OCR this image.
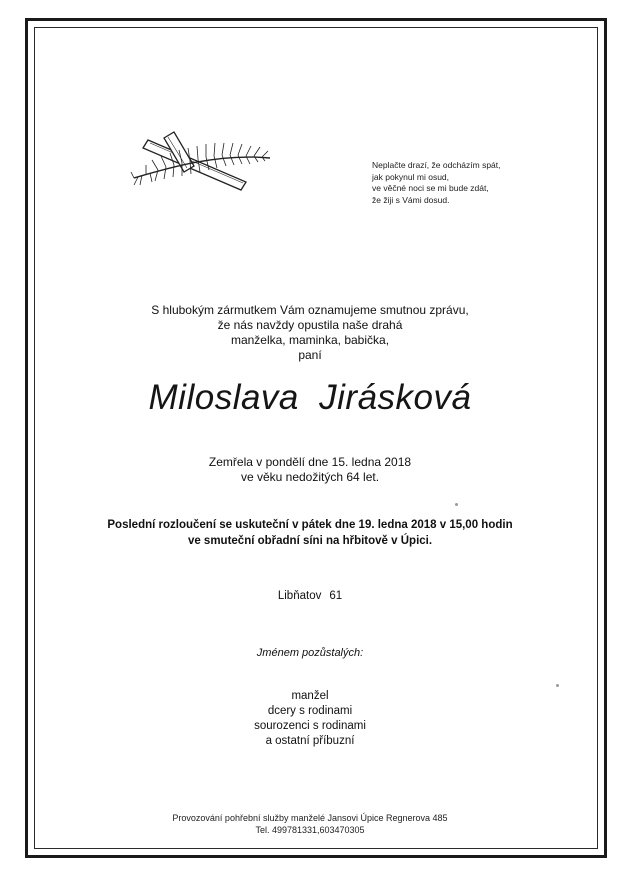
Neplačte drazí, že odcházím spát,
jak pokynul mi osud,
ve věčné noci se mi bude zdát,
že žiji s Vámi dosud.
S hlubokým zármutkem Vám oznamujeme smutnou zprávu,
že nás navždy opustila naše drahá
manželka, maminka, babička,
paní
Miloslava Jirásková
Zemřela v pondělí dne 15. ledna 2018
ve věku nedožitých 64 let.
Poslední rozloučení se uskuteční v pátek dne 19. ledna 2018 v 15,00 hodin
ve smuteční obřadní síni na hřbitově v Úpici.
Libňatov 61
Jménem pozůstalých:
manžel
dcery s rodinami
sourozenci s rodinami
a ostatní příbuzní
Provozování pohřební služby manželé Jansovi Úpice Regnerova 485
Tel. 499781331,603470305
